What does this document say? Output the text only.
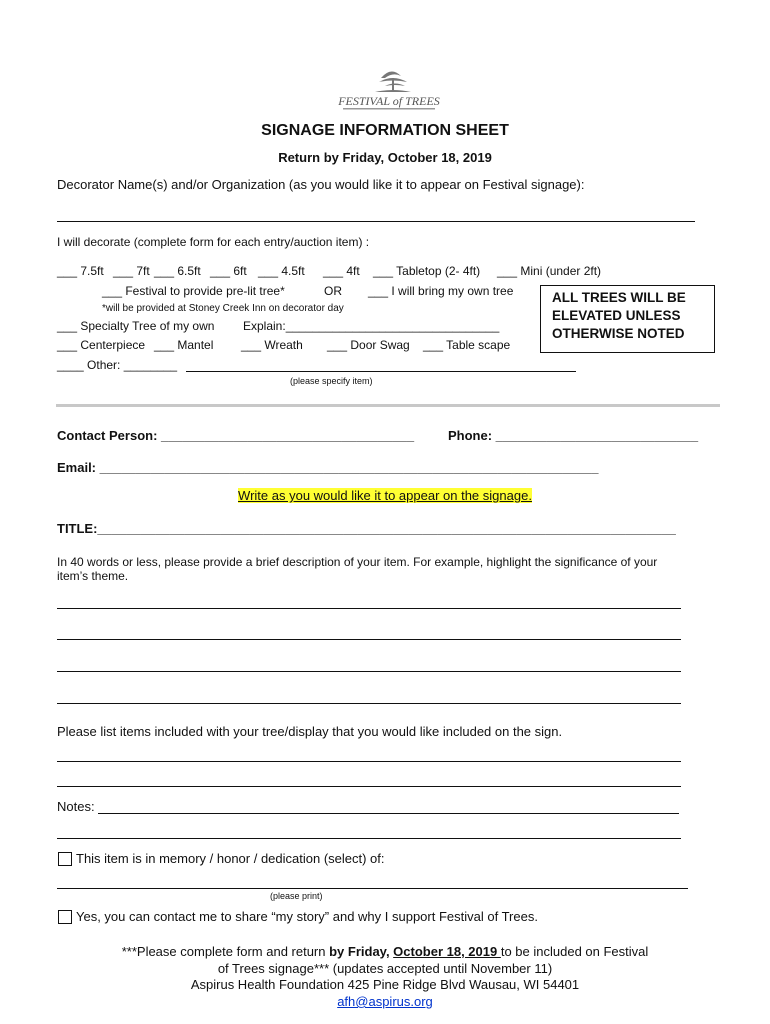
FESTIVAL of TREES
SIGNAGE INFORMATION SHEET
Return by Friday, October 18, 2019
Decorator Name(s) and/or Organization (as you would like it to appear on Festival signage):
I will decorate (complete form for each entry/auction item) :
___ 7.5ft ___ 7ft ___ 6.5ft ___ 6ft ___ 4.5ft ___ 4ft ___ Tabletop (2- 4ft) ___ Mini (under 2ft)
___ Festival to provide pre-lit tree*	OR ___ I will bring my own tree
*will be provided at Stoney Creek Inn on decorator day
ALL TREES WILL BE
ELEVATED UNLESS
OTHERWISE NOTED
___ Specialty Tree of my own Explain:________________________________
___ Centerpiece ___ Mantel ___ Wreath ___ Door Swag ___ Table scape
____ Other: ________
(please specify item)
Contact Person: ___________________________________	Phone: ____________________________
Email: _____________________________________________________________________
Write as you would like it to appear on the signage.
TITLE:________________________________________________________________________________
In 40 words or less, please provide a brief description of your item. For example, highlight the significance of your
item’s theme.
Please list items included with your tree/display that you would like included on the sign.
Notes:
This item is in memory / honor / dedication (select) of:
(please print)
Yes, you can contact me to share “my story” and why I support Festival of Trees.
***Please complete form and return by Friday, October 18, 2019 to be included on Festival
of Trees signage*** (updates accepted until November 11)
Aspirus Health Foundation 425 Pine Ridge Blvd Wausau, WI 54401
afh@aspirus.org
